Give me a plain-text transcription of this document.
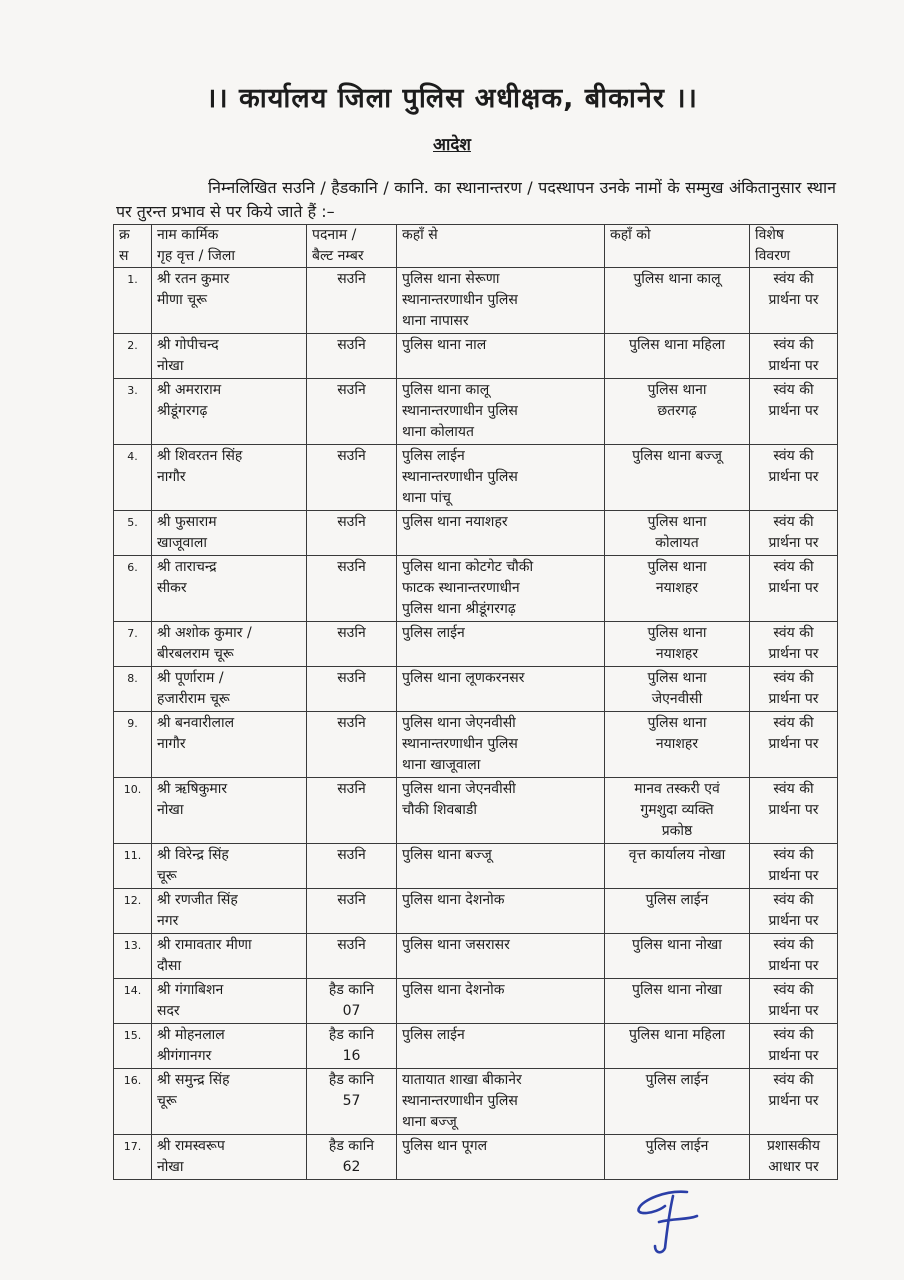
।। कार्यालय जिला पुलिस अधीक्षक, बीकानेर ।।
आदेश
निम्नलिखित सउनि / हैडकानि / कानि. का स्थानान्तरण / पदस्थापन उनके नामों के सम्मुख अंकितानुसार स्थान पर तुरन्त प्रभाव से पर किये जाते हैं :–
क्र
स	नाम कार्मिक
गृह वृत्त / जिला	पदनाम /
बैल्ट नम्बर	कहाँ से	कहाँ को	विशेष
विवरण
1.	श्री रतन कुमार
मीणा चूरू	सउनि	पुलिस थाना सेरूणा
स्थानान्तरणाधीन पुलिस
थाना नापासर	पुलिस थाना कालू	स्वंय की
प्रार्थना पर
2.	श्री गोपीचन्द
नोखा	सउनि	पुलिस थाना नाल	पुलिस थाना महिला	स्वंय की
प्रार्थना पर
3.	श्री अमराराम
श्रीडूंगरगढ़	सउनि	पुलिस थाना कालू
स्थानान्तरणाधीन पुलिस
थाना कोलायत	पुलिस थाना
छतरगढ़	स्वंय की
प्रार्थना पर
4.	श्री शिवरतन सिंह
नागौर	सउनि	पुलिस लाईन
स्थानान्तरणाधीन पुलिस
थाना पांचू	पुलिस थाना बज्जू	स्वंय की
प्रार्थना पर
5.	श्री फुसाराम
खाजूवाला	सउनि	पुलिस थाना नयाशहर	पुलिस थाना
कोलायत	स्वंय की
प्रार्थना पर
6.	श्री ताराचन्द्र
सीकर	सउनि	पुलिस थाना कोटगेट चौकी
फाटक स्थानान्तरणाधीन
पुलिस थाना श्रीडूंगरगढ़	पुलिस थाना
नयाशहर	स्वंय की
प्रार्थना पर
7.	श्री अशोक कुमार /
बीरबलराम चूरू	सउनि	पुलिस लाईन	पुलिस थाना
नयाशहर	स्वंय की
प्रार्थना पर
8.	श्री पूर्णाराम /
हजारीराम चूरू	सउनि	पुलिस थाना लूणकरनसर	पुलिस थाना
जेएनवीसी	स्वंय की
प्रार्थना पर
9.	श्री बनवारीलाल
नागौर	सउनि	पुलिस थाना जेएनवीसी
स्थानान्तरणाधीन पुलिस
थाना खाजूवाला	पुलिस थाना
नयाशहर	स्वंय की
प्रार्थना पर
10.	श्री ऋषिकुमार
नोखा	सउनि	पुलिस थाना जेएनवीसी
चौकी शिवबाडी	मानव तस्करी एवं
गुमशुदा व्यक्ति
प्रकोष्ठ	स्वंय की
प्रार्थना पर
11.	श्री विरेन्द्र सिंह
चूरू	सउनि	पुलिस थाना बज्जू	वृत्त कार्यालय नोखा	स्वंय की
प्रार्थना पर
12.	श्री रणजीत सिंह
नगर	सउनि	पुलिस थाना देशनोक	पुलिस लाईन	स्वंय की
प्रार्थना पर
13.	श्री रामावतार मीणा
दौसा	सउनि	पुलिस थाना जसरासर	पुलिस थाना नोखा	स्वंय की
प्रार्थना पर
14.	श्री गंगाबिशन
सदर	हैड कानि
07	पुलिस थाना देशनोक	पुलिस थाना नोखा	स्वंय की
प्रार्थना पर
15.	श्री मोहनलाल
श्रीगंगानगर	हैड कानि
16	पुलिस लाईन	पुलिस थाना महिला	स्वंय की
प्रार्थना पर
16.	श्री समुन्द्र सिंह
चूरू	हैड कानि
57	यातायात शाखा बीकानेर
स्थानान्तरणाधीन पुलिस
थाना बज्जू	पुलिस लाईन	स्वंय की
प्रार्थना पर
17.	श्री रामस्वरूप
नोखा	हैड कानि
62	पुलिस थान पूगल	पुलिस लाईन	प्रशासकीय
आधार पर
